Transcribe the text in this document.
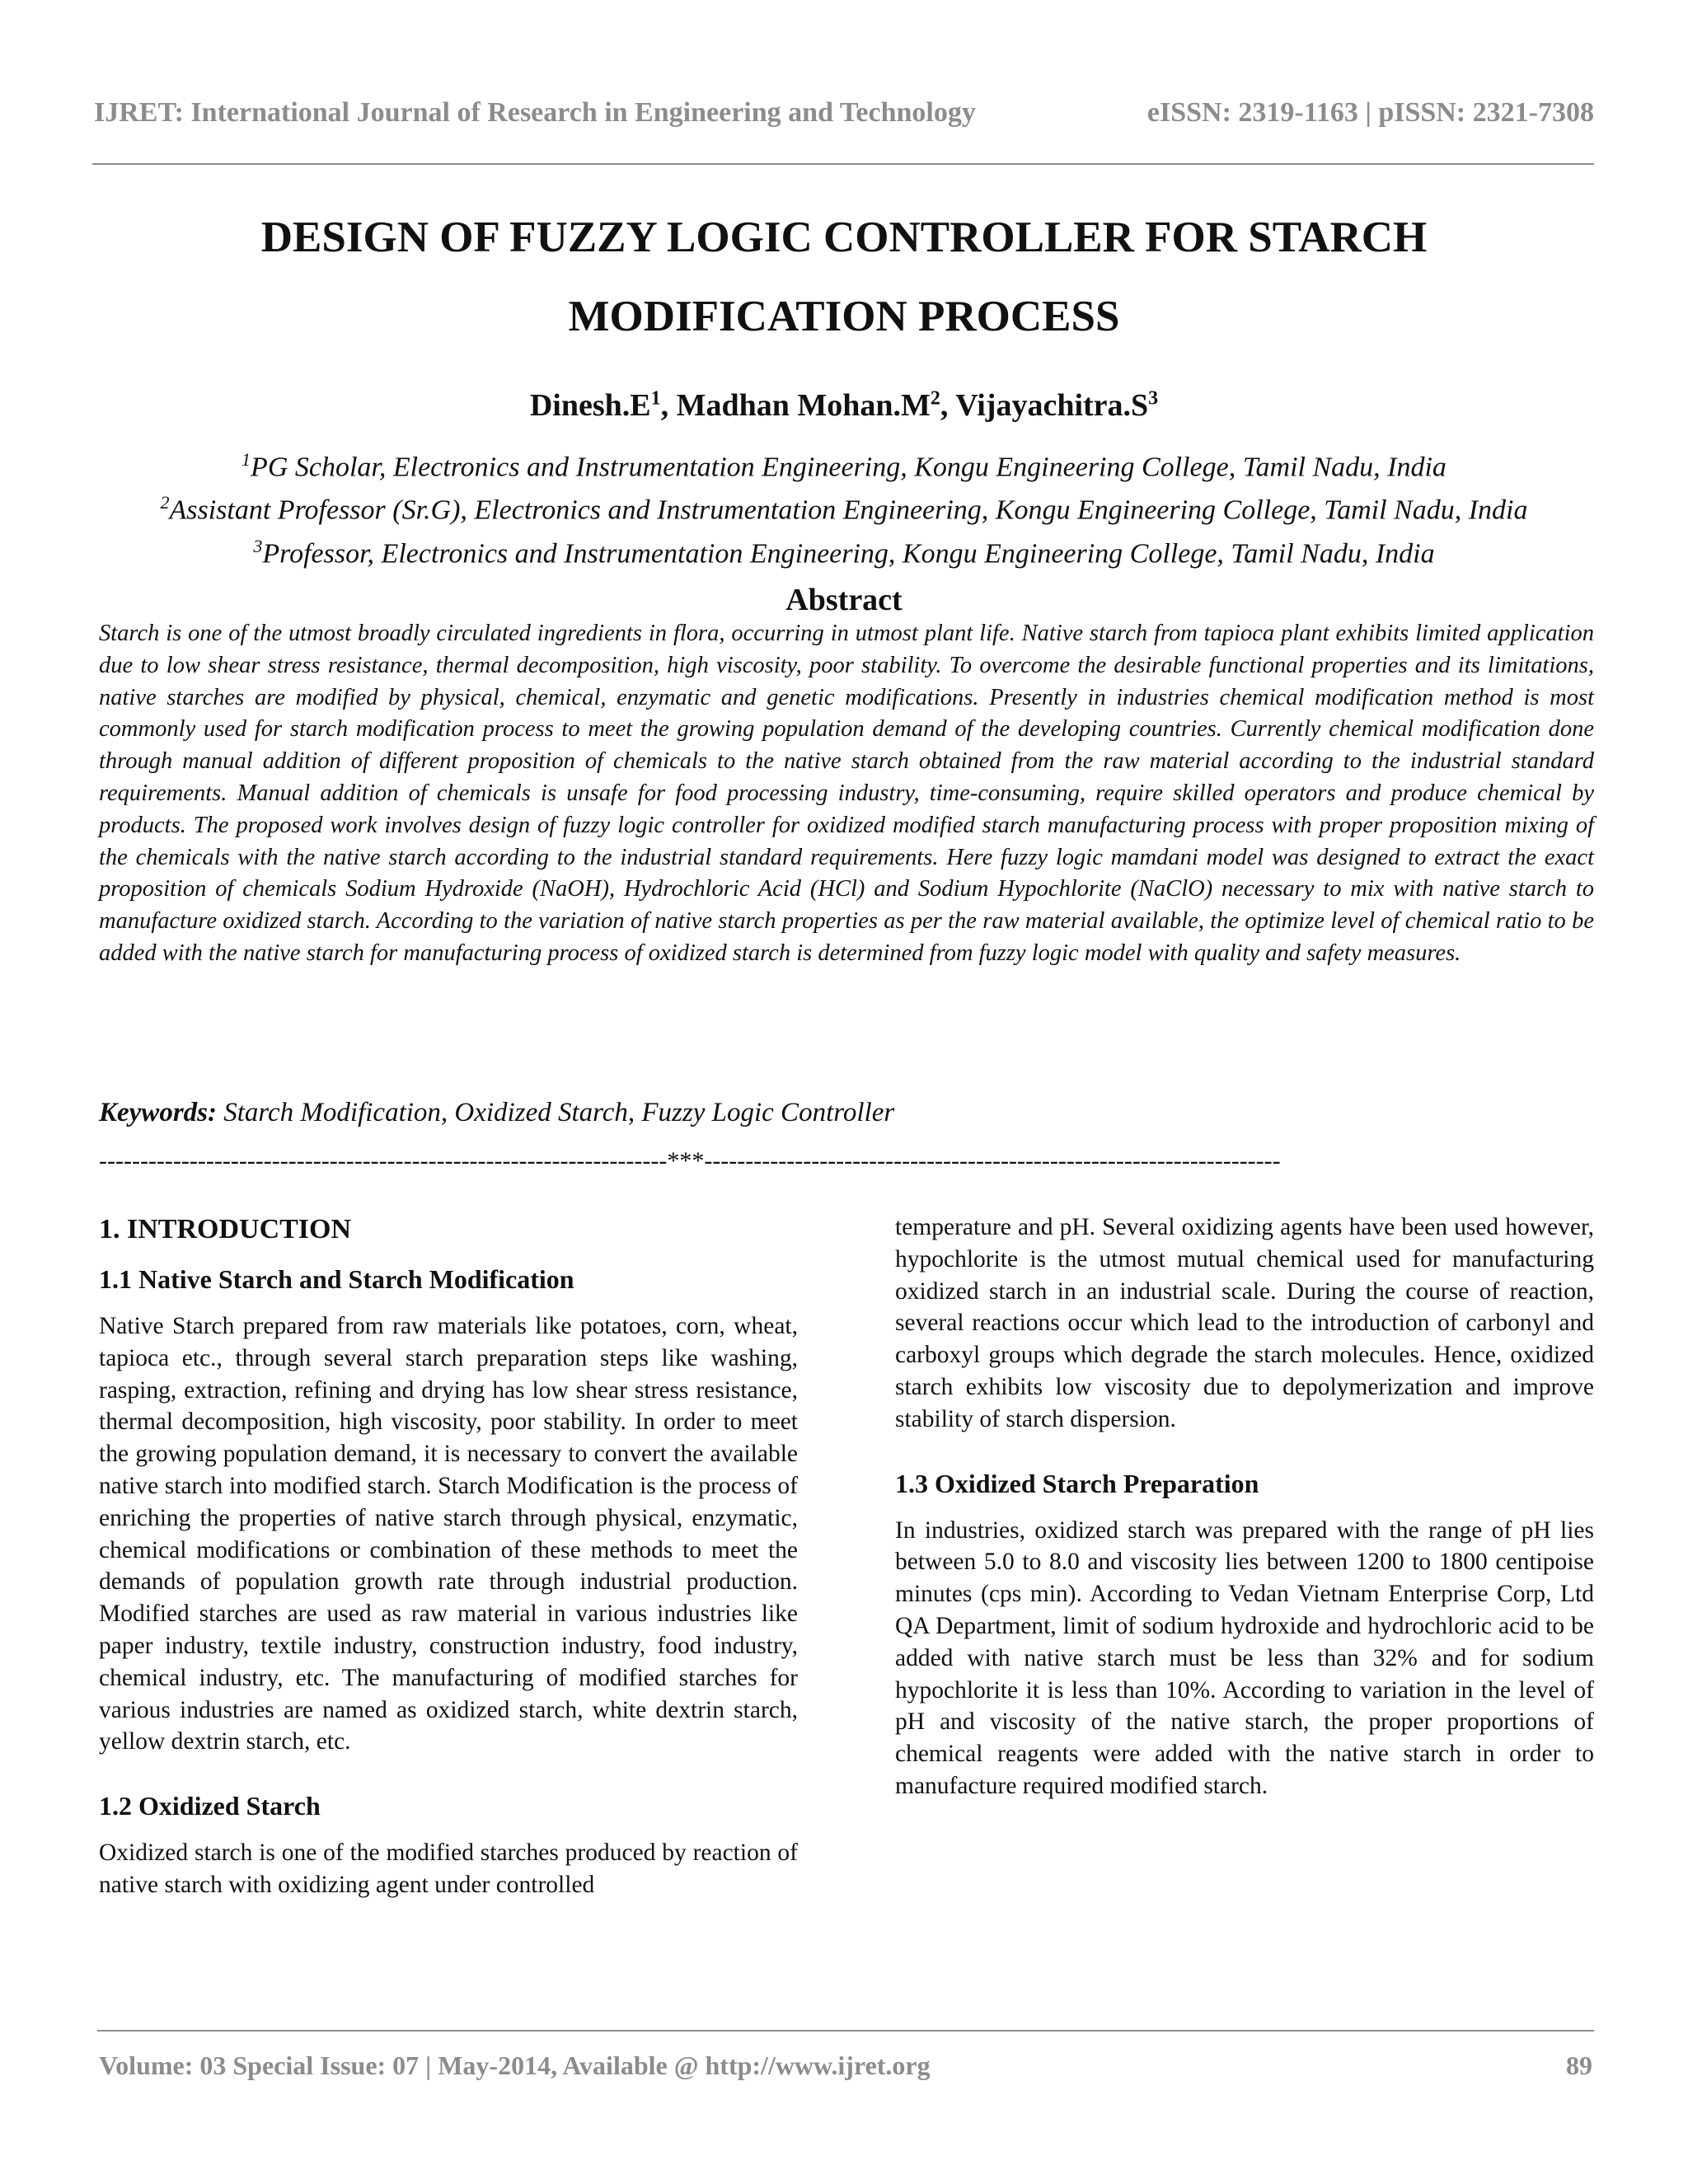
IJRET: International Journal of Research in Engineering and Technology	eISSN: 2319-1163 | pISSN: 2321-7308
DESIGN OF FUZZY LOGIC CONTROLLER FOR STARCH
MODIFICATION PROCESS
$Dinesh.E^1$, Madhan $Mohan.M^2$, $Vijayachitra.S^3$
$^1$PG Scholar, Electronics and Instrumentation Engineering, Kongu Engineering College, Tamil Nadu, India
$^2$Assistant Professor (Sr.G), Electronics and Instrumentation Engineering, Kongu Engineering College, Tamil Nadu, India
$^3$Professor, Electronics and Instrumentation Engineering, Kongu Engineering College, Tamil Nadu, India
Abstract
Starch is one of the utmost broadly circulated ingredients in flora, occurring in utmost plant life. Native starch from tapioca plant exhibits limited application due to low shear stress resistance, thermal decomposition, high viscosity, poor stability. To overcome the desirable functional properties and its limitations, native starches are modified by physical, chemical, enzymatic and genetic modifications. Presently in industries chemical modification method is most commonly used for starch modification process to meet the growing population demand of the developing countries. Currently chemical modification done through manual addition of different proposition of chemicals to the native starch obtained from the raw material according to the industrial standard requirements. Manual addition of chemicals is unsafe for food processing industry, time-consuming, require skilled operators and produce chemical by products. The proposed work involves design of fuzzy logic controller for oxidized modified starch manufacturing process with proper proposition mixing of the chemicals with the native starch according to the industrial standard requirements. Here fuzzy logic mamdani model was designed to extract the exact proposition of chemicals Sodium Hydroxide (NaOH), Hydrochloric Acid (HCl) and Sodium Hypochlorite (NaClO) necessary to mix with native starch to manufacture oxidized starch. According to the variation of native starch properties as per the raw material available, the optimize level of chemical ratio to be added with the native starch for manufacturing process of oxidized starch is determined from fuzzy logic model with quality and safety measures.
Keywords: Starch Modification, Oxidized Starch, Fuzzy Logic Controller
---------------------------------------------------------------------***----------------------------------------------------------------------
1. INTRODUCTION
1.1 Native Starch and Starch Modification

Native Starch prepared from raw materials like potatoes, corn, wheat, tapioca etc., through several starch preparation steps like washing, rasping, extraction, refining and drying has low shear stress resistance, thermal decomposition, high viscosity, poor stability. In order to meet the growing population demand, it is necessary to convert the available native starch into modified starch. Starch Modification is the process of enriching the properties of native starch through physical, enzymatic, chemical modifications or combination of these methods to meet the demands of population growth rate through industrial production. Modified starches are used as raw material in various industries like paper industry, textile industry, construction industry, food industry, chemical industry, etc. The manufacturing of modified starches for various industries are named as oxidized starch, white dextrin starch, yellow dextrin starch, etc.

1.2 Oxidized Starch

Oxidized starch is one of the modified starches produced by reaction of native starch with oxidizing agent under controlled

temperature and pH. Several oxidizing agents have been used however, hypochlorite is the utmost mutual chemical used for manufacturing oxidized starch in an industrial scale. During the course of reaction, several reactions occur which lead to the introduction of carbonyl and carboxyl groups which degrade the starch molecules. Hence, oxidized starch exhibits low viscosity due to depolymerization and improve stability of starch dispersion.

1.3 Oxidized Starch Preparation

In industries, oxidized starch was prepared with the range of pH lies between 5.0 to 8.0 and viscosity lies between 1200 to 1800 centipoise minutes (cps min). According to Vedan Vietnam Enterprise Corp, Ltd QA Department, limit of sodium hydroxide and hydrochloric acid to be added with native starch must be less than 32% and for sodium hypochlorite it is less than 10%. According to variation in the level of pH and viscosity of the native starch, the proper proportions of chemical reagents were added with the native starch in order to manufacture required modified starch.

Volume: 03 Special Issue: 07 | May-2014, Available @ http://www.ijret.org	89
